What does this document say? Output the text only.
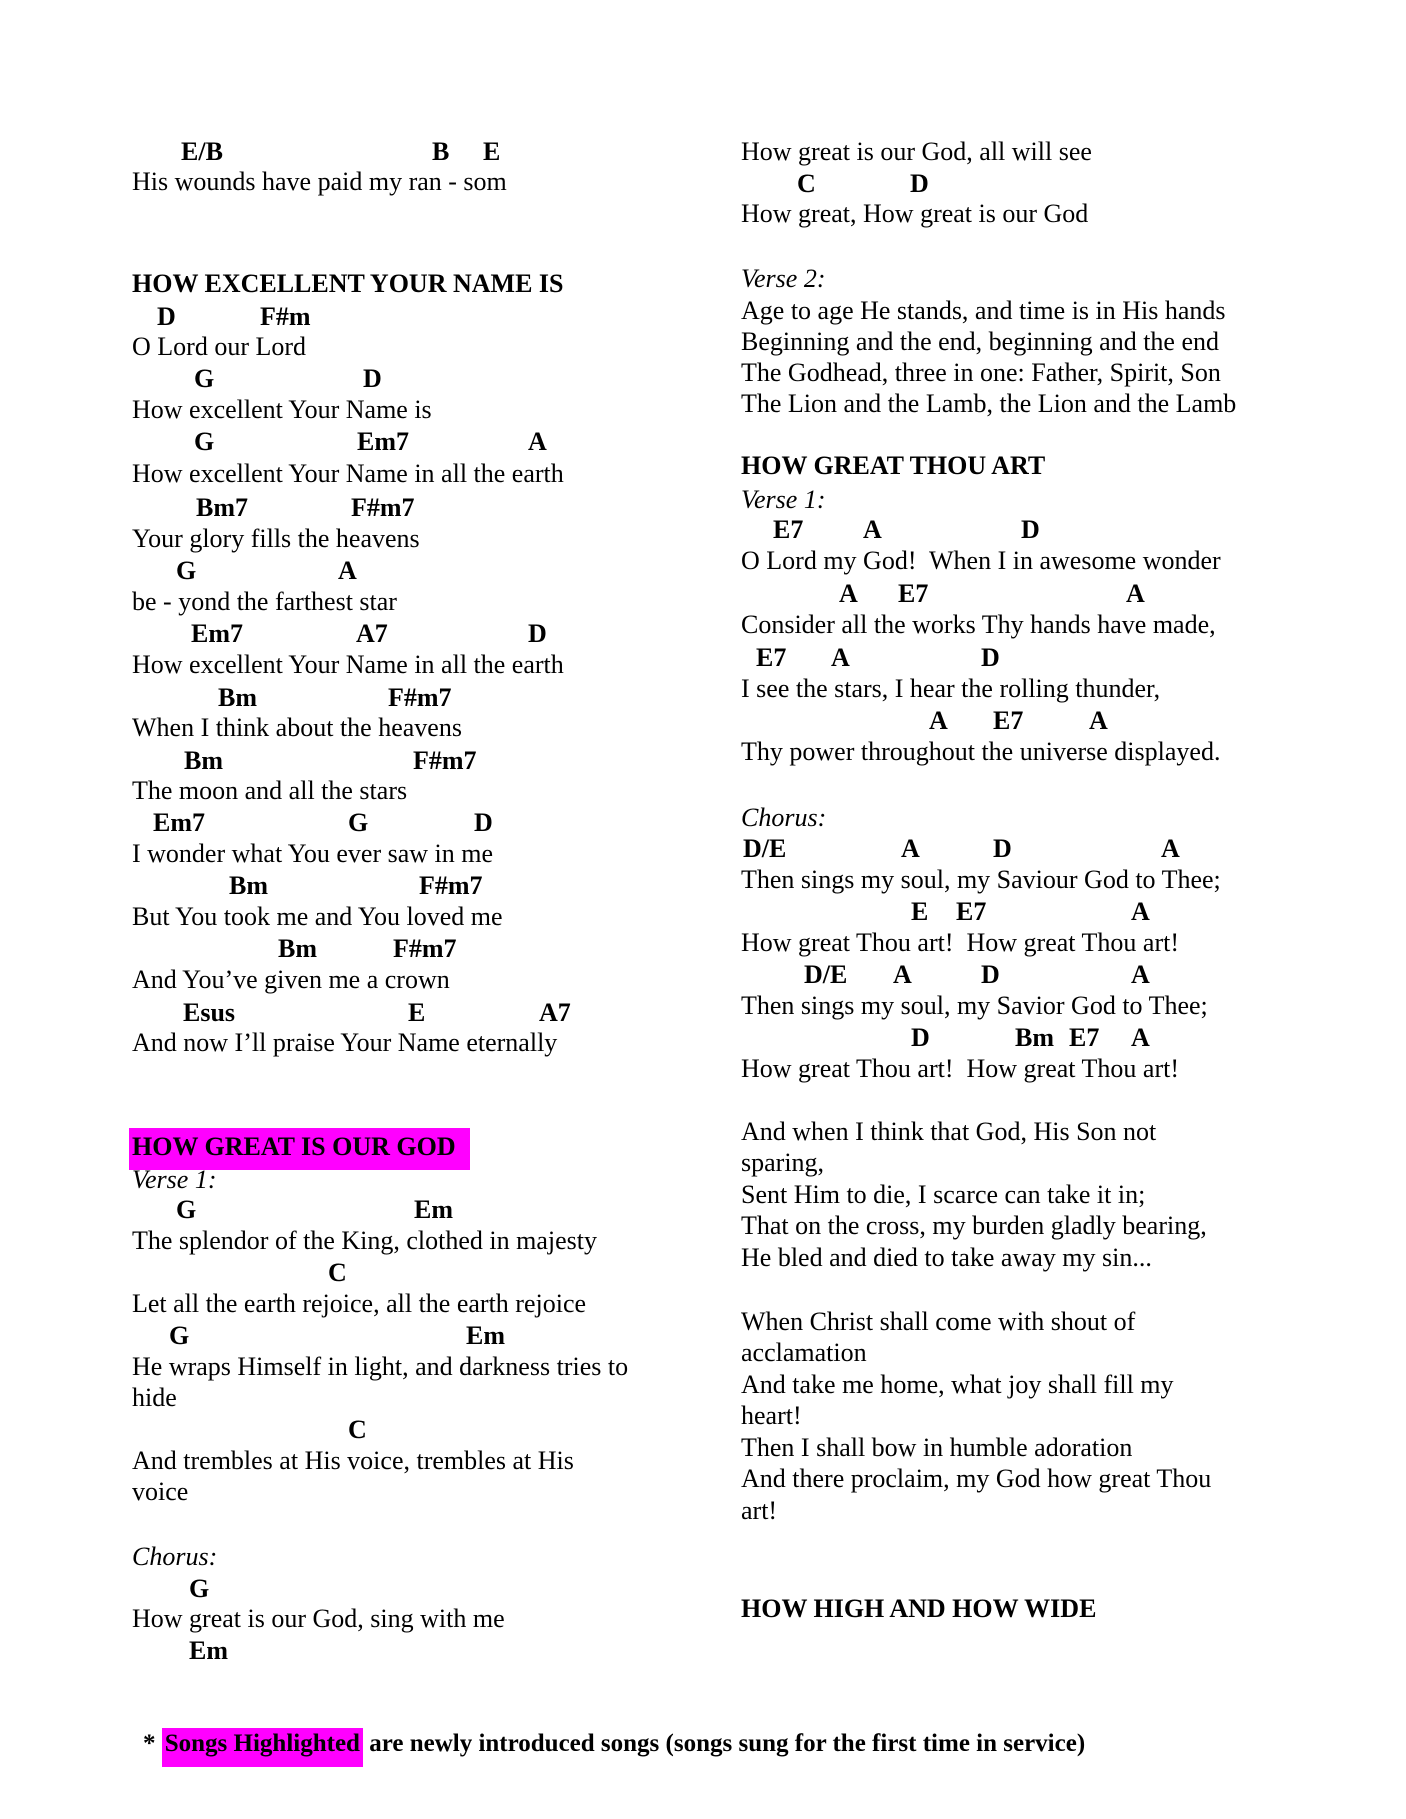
* Songs Highlighted are newly introduced songs (songs sung for the first time in service)

E/B	B E
His wounds have paid my ran - som
HOW EXCELLENT YOUR NAME IS
D	F#m
O Lord our Lord
G	D
How excellent Your Name is
G	Em7	A
How excellent Your Name in all the earth
Bm7	F#m7
Your glory fills the heavens
G	A
be - yond the farthest star
Em7	A7	D
How excellent Your Name in all the earth
Bm	F#m7
When I think about the heavens
Bm	F#m7
The moon and all the stars
Em7	G	D
I wonder what You ever saw in me
Bm	F#m7
But You took me and You loved me
Bm	F#m7
And You’ve given me a crown
Esus	E	A7
And now I’ll praise Your Name eternally
HOW GREAT IS OUR GOD
Verse 1:
G	Em
The splendor of the King, clothed in majesty
C
Let all the earth rejoice, all the earth rejoice
G	Em
He wraps Himself in light, and darkness tries to
hide
C
And trembles at His voice, trembles at His
voice
Chorus:
G
How great is our God, sing with me
Em
How great is our God, all will see
C	D
How great, How great is our God
Verse 2:
Age to age He stands, and time is in His hands
Beginning and the end, beginning and the end
The Godhead, three in one: Father, Spirit, Son
The Lion and the Lamb, the Lion and the Lamb
HOW GREAT THOU ART
Verse 1:
E7 A	D
O Lord my God!  When I in awesome wonder
A E7	A
Consider all the works Thy hands have made,
E7 A	D
I see the stars, I hear the rolling thunder,
A E7	A
Thy power throughout the universe displayed.
Chorus:
D/E	A	D	A
Then sings my soul, my Saviour God to Thee;
E E7	A
How great Thou art!  How great Thou art!
D/E A	D	A
Then sings my soul, my Savior God to Thee;
D	Bm E7 A
How great Thou art!  How great Thou art!
And when I think that God, His Son not
sparing,
Sent Him to die, I scarce can take it in;
That on the cross, my burden gladly bearing,
He bled and died to take away my sin...
When Christ shall come with shout of
acclamation
And take me home, what joy shall fill my
heart!
Then I shall bow in humble adoration
And there proclaim, my God how great Thou
art!
HOW HIGH AND HOW WIDE
